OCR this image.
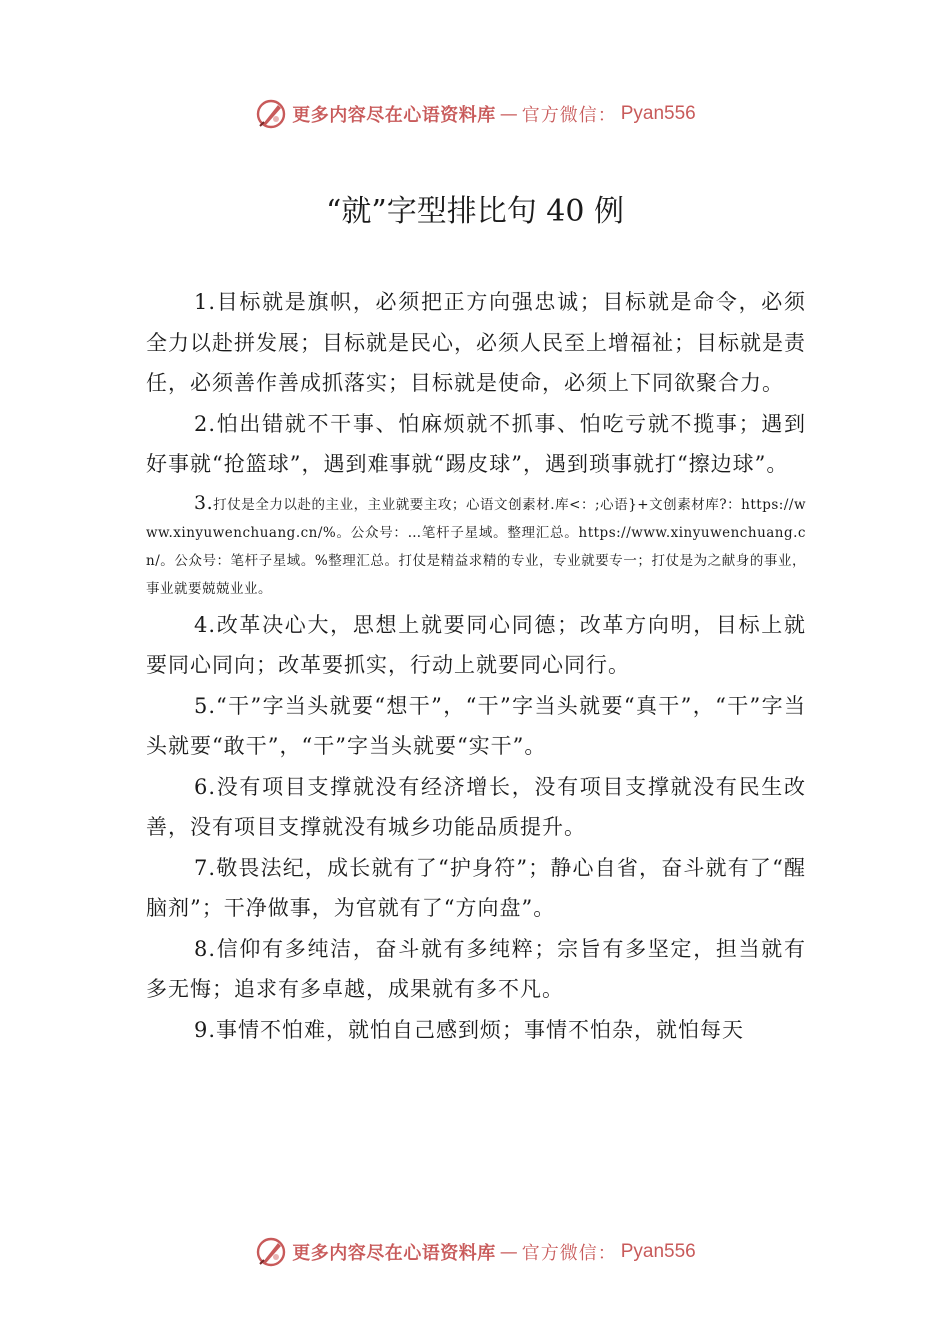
更多内容尽在心语资料库 — 官方微信： Pyan556
“就”字型排比句 40 例

1.目标就是旗帜，必须把正方向强忠诚；目标就是命令，必须全力以赴拼发展；目标就是民心，必须人民至上增福祉；目标就是责任，必须善作善成抓落实；目标就是使命，必须上下同欲聚合力。

2.怕出错就不干事、怕麻烦就不抓事、怕吃亏就不揽事；遇到好事就“抢篮球”，遇到难事就“踢皮球”，遇到琐事就打“擦边球”。

3.打仗是全力以赴的主业，主业就要主攻；心语文创素材.库<：;心语}+文创素材库?：https://www.xinyuwenchuang.cn/%。公众号：…笔杆子星域。整理汇总。https://www.xinyuwenchuang.cn/。公众号：笔杆子星域。%整理汇总。打仗是精益求精的专业，专业就要专一；打仗是为之献身的事业，事业就要兢兢业业。

4.改革决心大，思想上就要同心同德；改革方向明，目标上就要同心同向；改革要抓实，行动上就要同心同行。

5.“干”字当头就要“想干”，“干”字当头就要“真干”，“干”字当头就要“敢干”，“干”字当头就要“实干”。

6.没有项目支撑就没有经济增长，没有项目支撑就没有民生改善，没有项目支撑就没有城乡功能品质提升。

7.敬畏法纪，成长就有了“护身符”；静心自省，奋斗就有了“醒脑剂”；干净做事，为官就有了“方向盘”。

8.信仰有多纯洁，奋斗就有多纯粹；宗旨有多坚定，担当就有多无悔；追求有多卓越，成果就有多不凡。

9.事情不怕难，就怕自己感到烦；事情不怕杂，就怕每天

更多内容尽在心语资料库 — 官方微信： Pyan556
